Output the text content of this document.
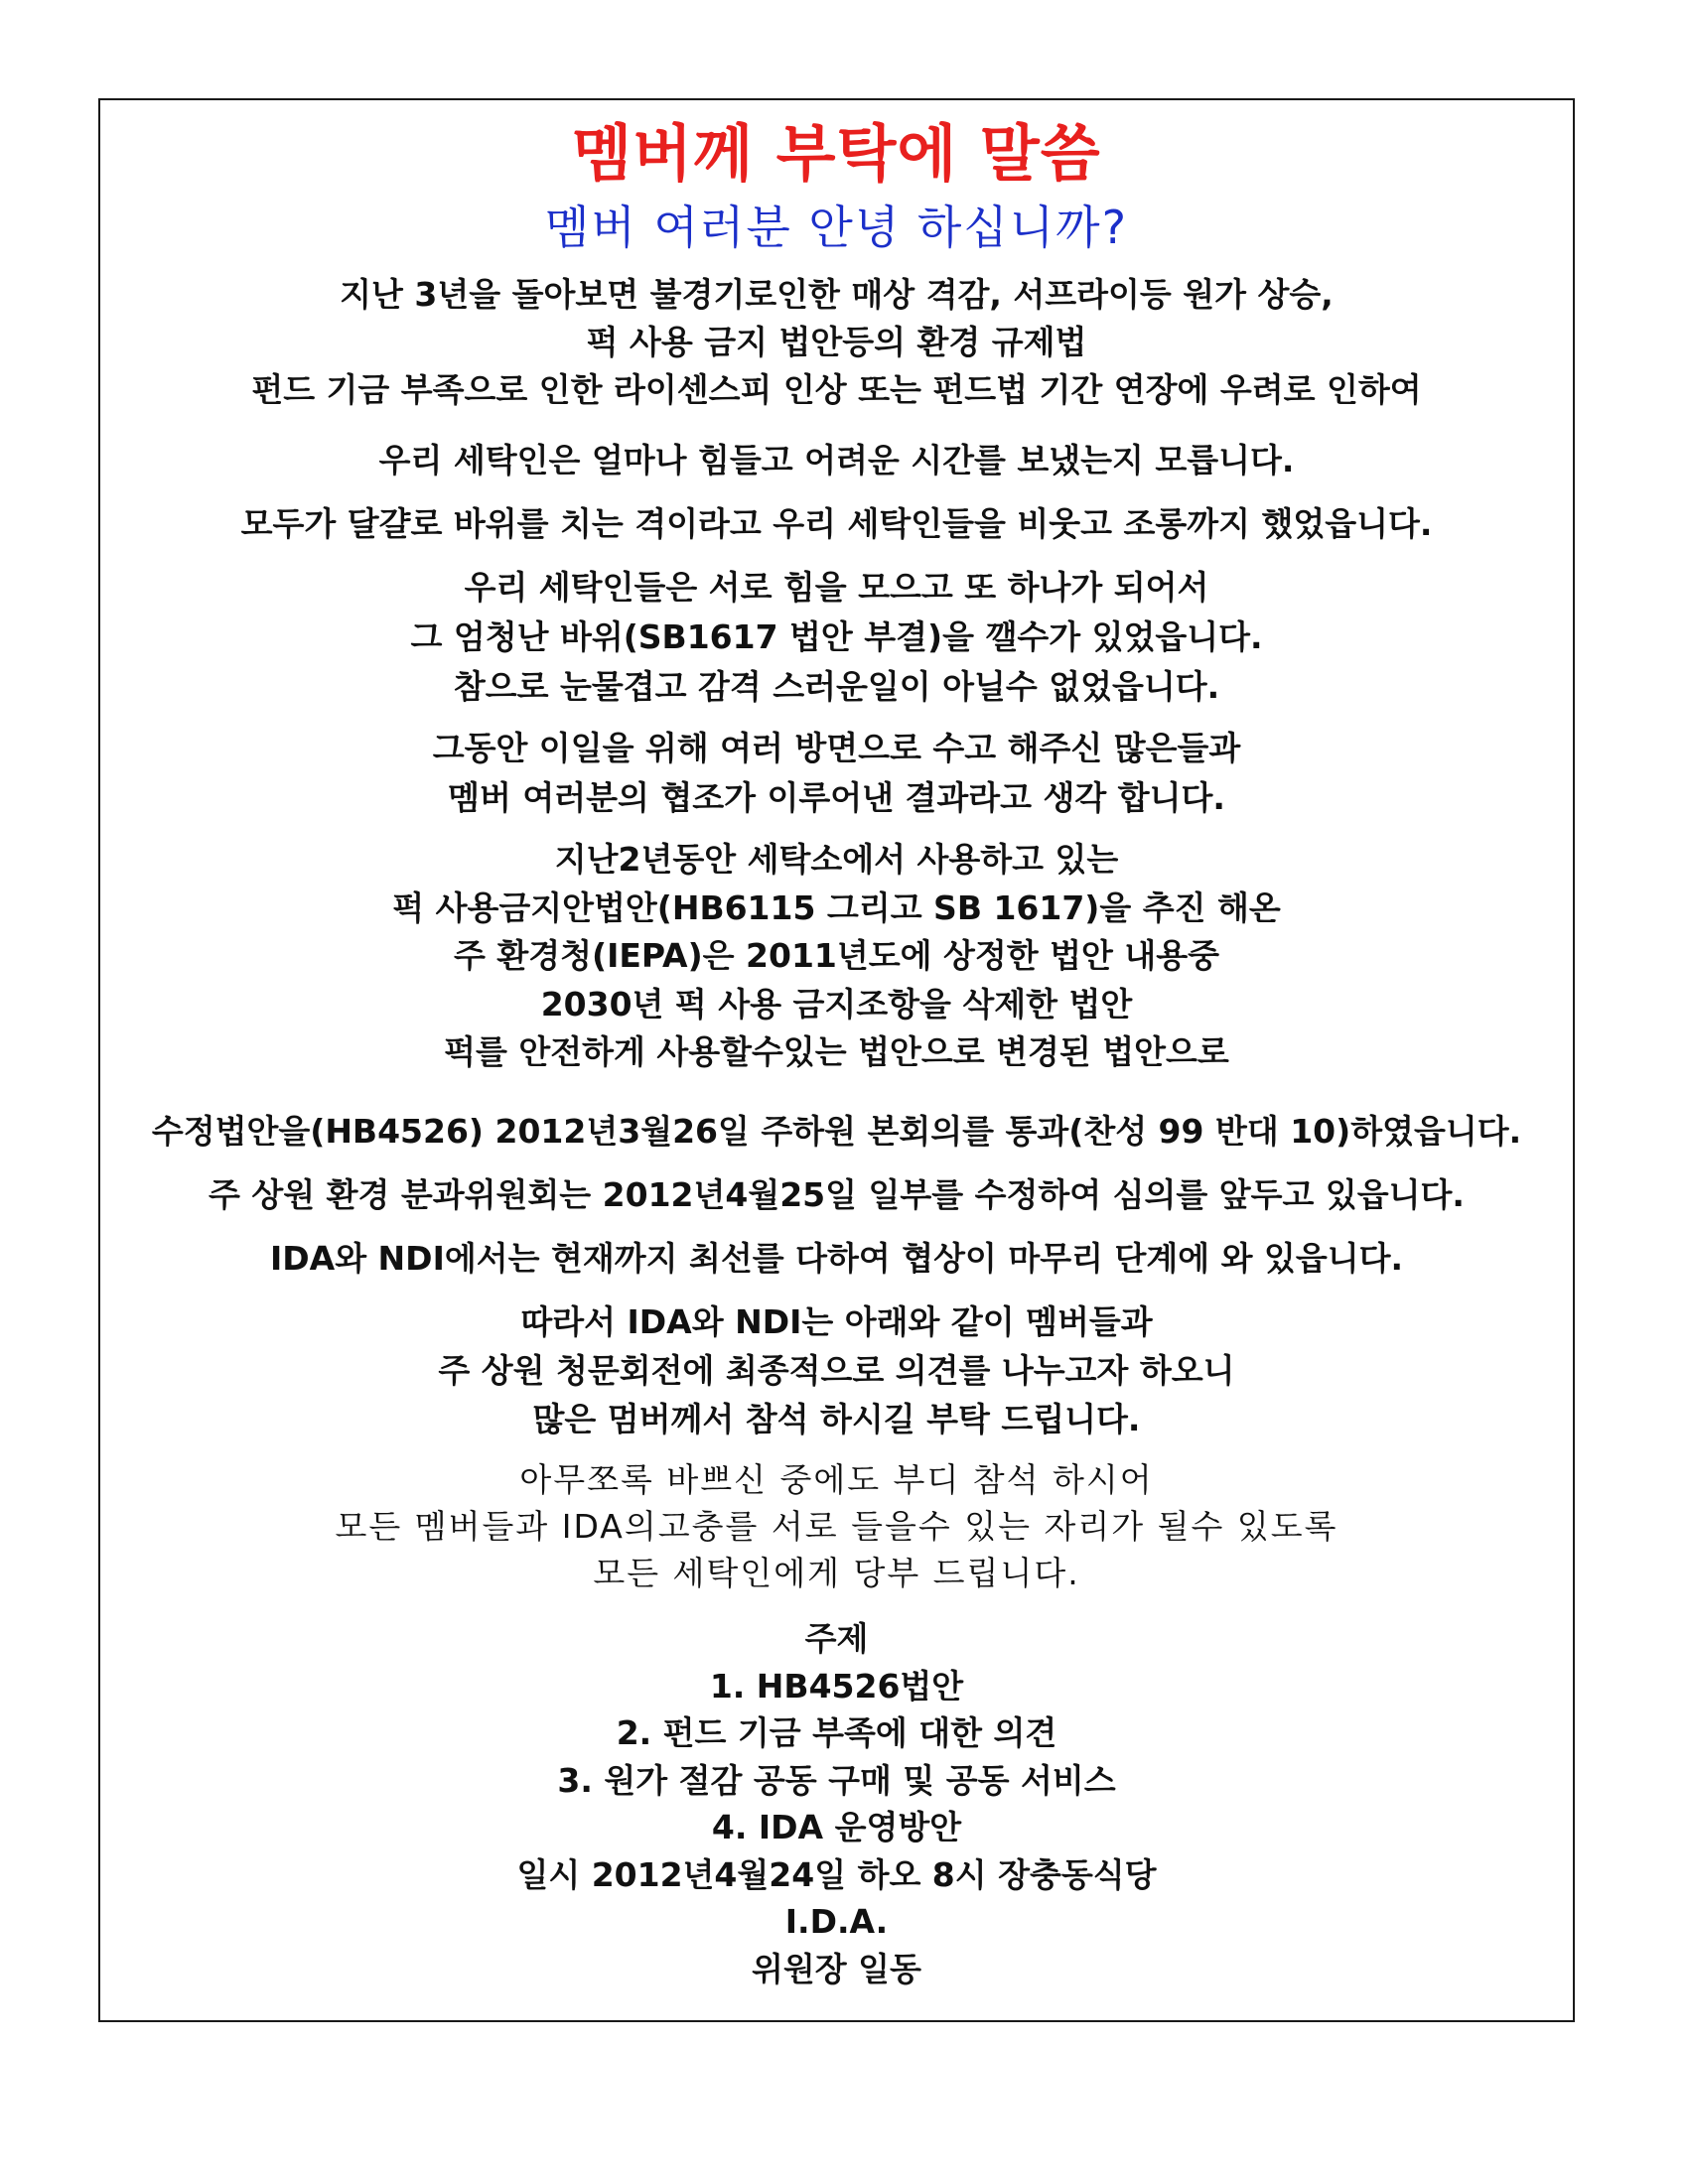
멤버께 부탁에 말씀
멤버 여러분 안녕 하십니까?
지난 3년을 돌아보면 불경기로인한 매상 격감, 서프라이등 원가 상승,
퍽 사용 금지 법안등의 환경 규제법
펀드 기금 부족으로 인한 라이센스피 인상 또는 펀드법 기간 연장에 우려로 인하여
우리 세탁인은 얼마나 힘들고 어려운 시간를 보냈는지 모릅니다.
모두가 달걀로 바위를 치는 격이라고 우리 세탁인들을 비웃고 조롱까지 했었읍니다.
우리 세탁인들은 서로 힘을 모으고 또 하나가 되어서
그 엄청난 바위(SB1617 법안 부결)을 깰수가 있었읍니다.
참으로 눈물겹고 감격 스러운일이 아닐수 없었읍니다.
그동안 이일을 위해 여러 방면으로 수고 해주신 많은들과
멤버 여러분의 협조가 이루어낸 결과라고 생각 합니다.
지난2년동안 세탁소에서 사용하고 있는
퍽 사용금지안법안(HB6115 그리고 SB 1617)을 추진 해온
주 환경청(IEPA)은 2011년도에 상정한 법안 내용중
2030년 퍽 사용 금지조항을 삭제한 법안
퍽를 안전하게 사용할수있는 법안으로 변경된 법안으로
수정법안을(HB4526) 2012년3월26일 주하원 본회의를 통과(찬성 99 반대 10)하였읍니다.
주 상원 환경 분과위원회는 2012년4월25일 일부를 수정하여 심의를 앞두고 있읍니다.
IDA와 NDI에서는 현재까지 최선를 다하여 협상이 마무리 단계에 와 있읍니다.
따라서 IDA와 NDI는 아래와 같이 멤버들과
주 상원 청문회전에 최종적으로 의견를 나누고자 하오니
많은 멈버께서 참석 하시길 부탁 드립니다.
아무쪼록 바쁘신 중에도 부디 참석 하시어
모든 멤버들과 IDA의고충를 서로 들을수 있는 자리가 될수 있도록
모든 세탁인에게 당부 드립니다.
주제
1. HB4526법안
2. 펀드 기금 부족에 대한 의견
3. 원가 절감 공동 구매 및 공동 서비스
4. IDA 운영방안
일시 2012년4월24일 하오 8시 장충동식당
I.D.A.
위원장 일동
